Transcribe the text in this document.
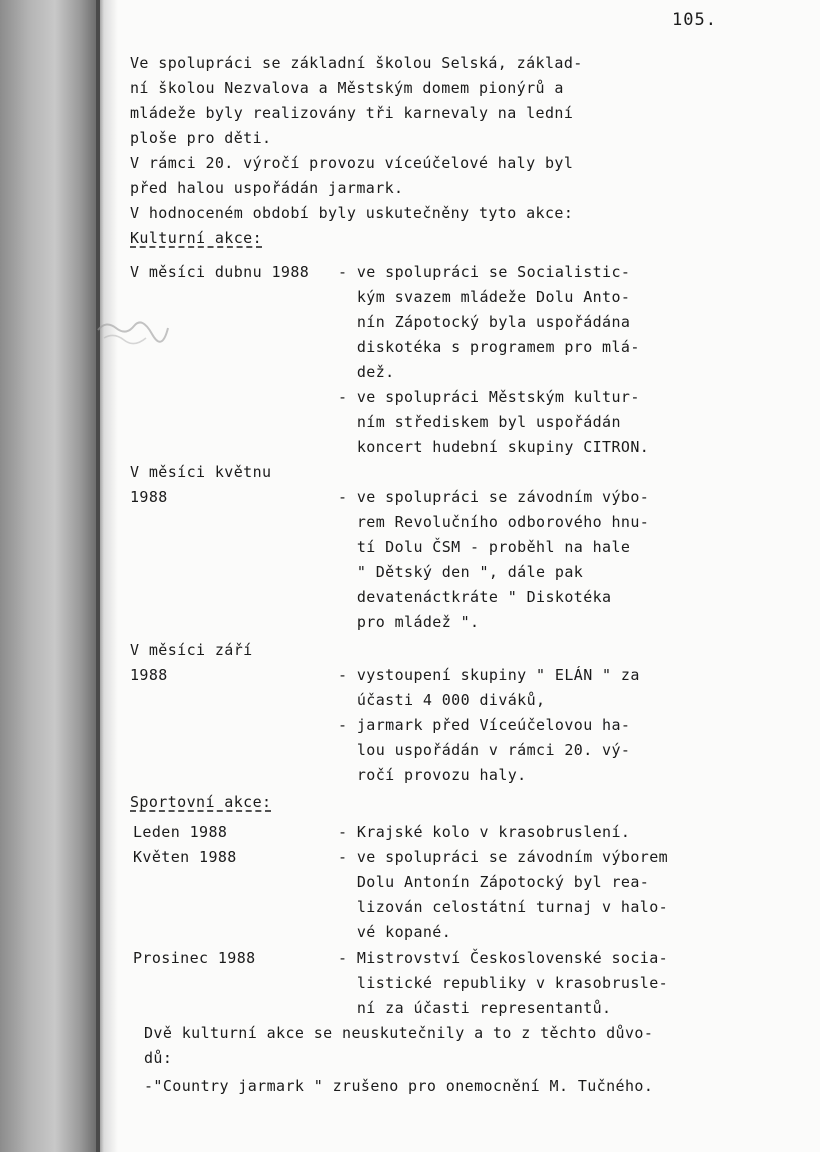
105.
Ve spolupráci se základní školou Selská, základ-
ní školou Nezvalova a Městským domem pionýrů a
mládeže byly realizovány tři karnevaly na lední
ploše pro děti.
V rámci 20. výročí provozu víceúčelové haly byl
před halou uspořádán jarmark.
V hodnoceném období byly uskutečněny tyto akce:
Kulturní akce:
V měsíci dubnu 1988 - ve spolupráci se Socialistic-
kým svazem mládeže Dolu Anto-
nín Zápotocký byla uspořádána
diskotéka s programem pro mlá-
dež.
- ve spolupráci Městským kultur-
ním střediskem byl uspořádán
koncert hudební skupiny CITRON.
V měsíci květnu
1988	- ve spolupráci se závodním výbo-
rem Revolučního odborového hnu-
tí Dolu ČSM - proběhl na hale
" Dětský den ", dále pak
devatenáctkráte " Diskotéka
pro mládež ".
V měsíci září
1988	- vystoupení skupiny " ELÁN " za
účasti 4 000 diváků,
- jarmark před Víceúčelovou ha-
lou uspořádán v rámci 20. vý-
ročí provozu haly.
Sportovní akce:
Leden 1988	- Krajské kolo v krasobruslení.
Květen 1988	- ve spolupráci se závodním výborem
Dolu Antonín Zápotocký byl rea-
lizován celostátní turnaj v halo-
vé kopané.
Prosinec 1988	- Mistrovství Československé socia-
listické republiky v krasobrusle-
ní za účasti representantů.
Dvě kulturní akce se neuskutečnily a to z těchto důvo-
dů:
-"Country jarmark " zrušeno pro onemocnění M. Tučného.
